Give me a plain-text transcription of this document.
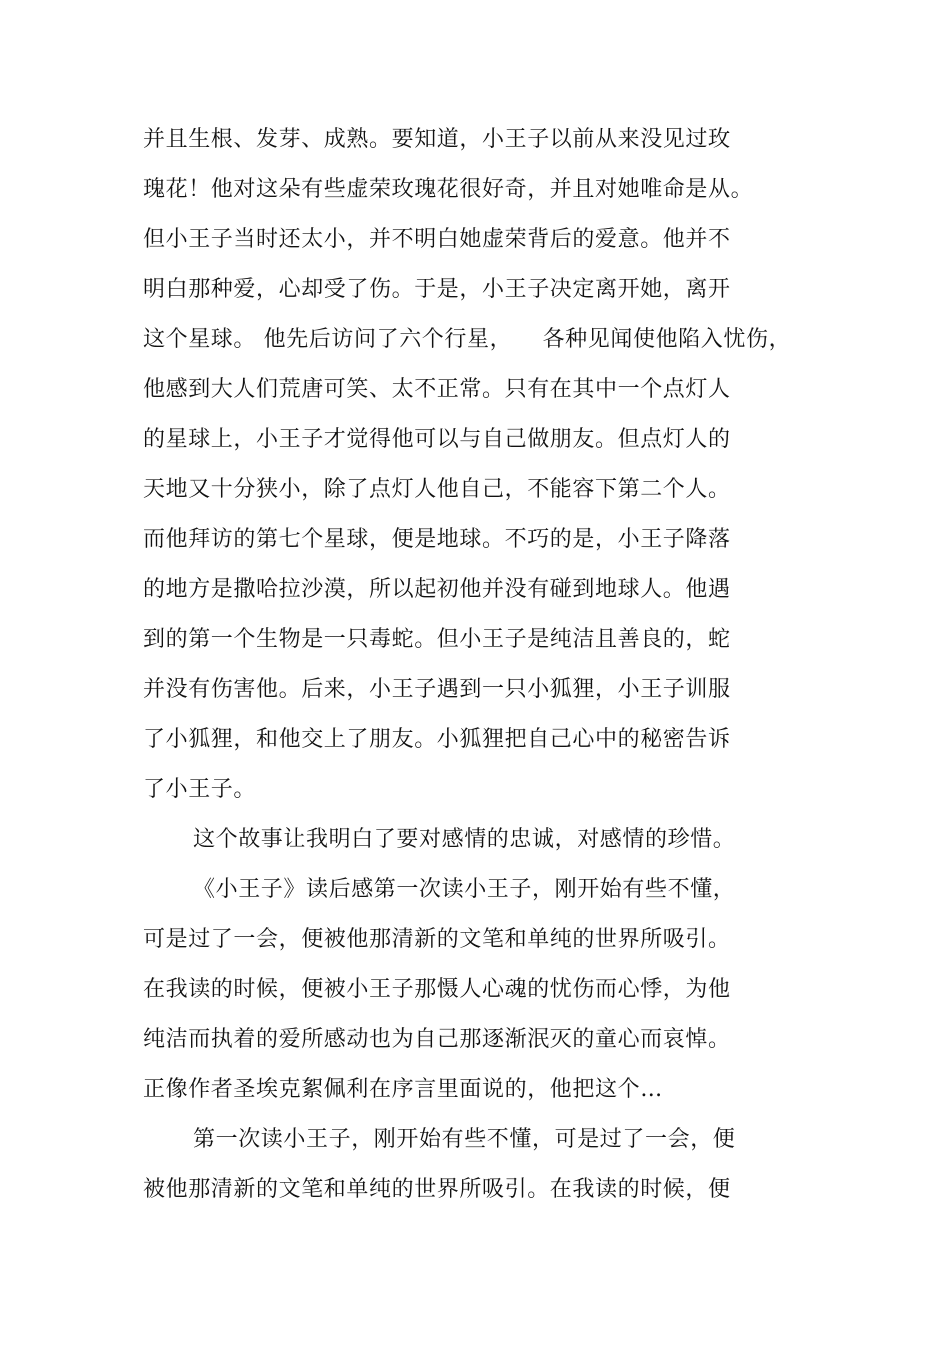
并且生根、发芽、成熟。要知道，小王子以前从来没见过玫
瑰花！他对这朵有些虚荣玫瑰花很好奇，并且对她唯命是从。
但小王子当时还太小，并不明白她虚荣背后的爱意。他并不
明白那种爱，心却受了伤。于是，小王子决定离开她，离开
这个星球。 他先后访问了六个行星，    各种见闻使他陷入忧伤，
他感到大人们荒唐可笑、太不正常。只有在其中一个点灯人
的星球上，小王子才觉得他可以与自己做朋友。但点灯人的
天地又十分狭小，除了点灯人他自己，不能容下第二个人。
而他拜访的第七个星球，便是地球。不巧的是，小王子降落
的地方是撒哈拉沙漠，所以起初他并没有碰到地球人。他遇
到的第一个生物是一只毒蛇。但小王子是纯洁且善良的，蛇
并没有伤害他。后来，小王子遇到一只小狐狸，小王子训服
了小狐狸，和他交上了朋友。小狐狸把自己心中的秘密告诉
了小王子。
这个故事让我明白了要对感情的忠诚，对感情的珍惜。
《小王子》读后感第一次读小王子，刚开始有些不懂，
可是过了一会，便被他那清新的文笔和单纯的世界所吸引。
在我读的时候，便被小王子那慑人心魂的忧伤而心悸，为他
纯洁而执着的爱所感动也为自己那逐渐泯灭的童心而哀悼。
正像作者圣埃克絮佩利在序言里面说的，他把这个…
第一次读小王子，刚开始有些不懂，可是过了一会，便
被他那清新的文笔和单纯的世界所吸引。在我读的时候，便
